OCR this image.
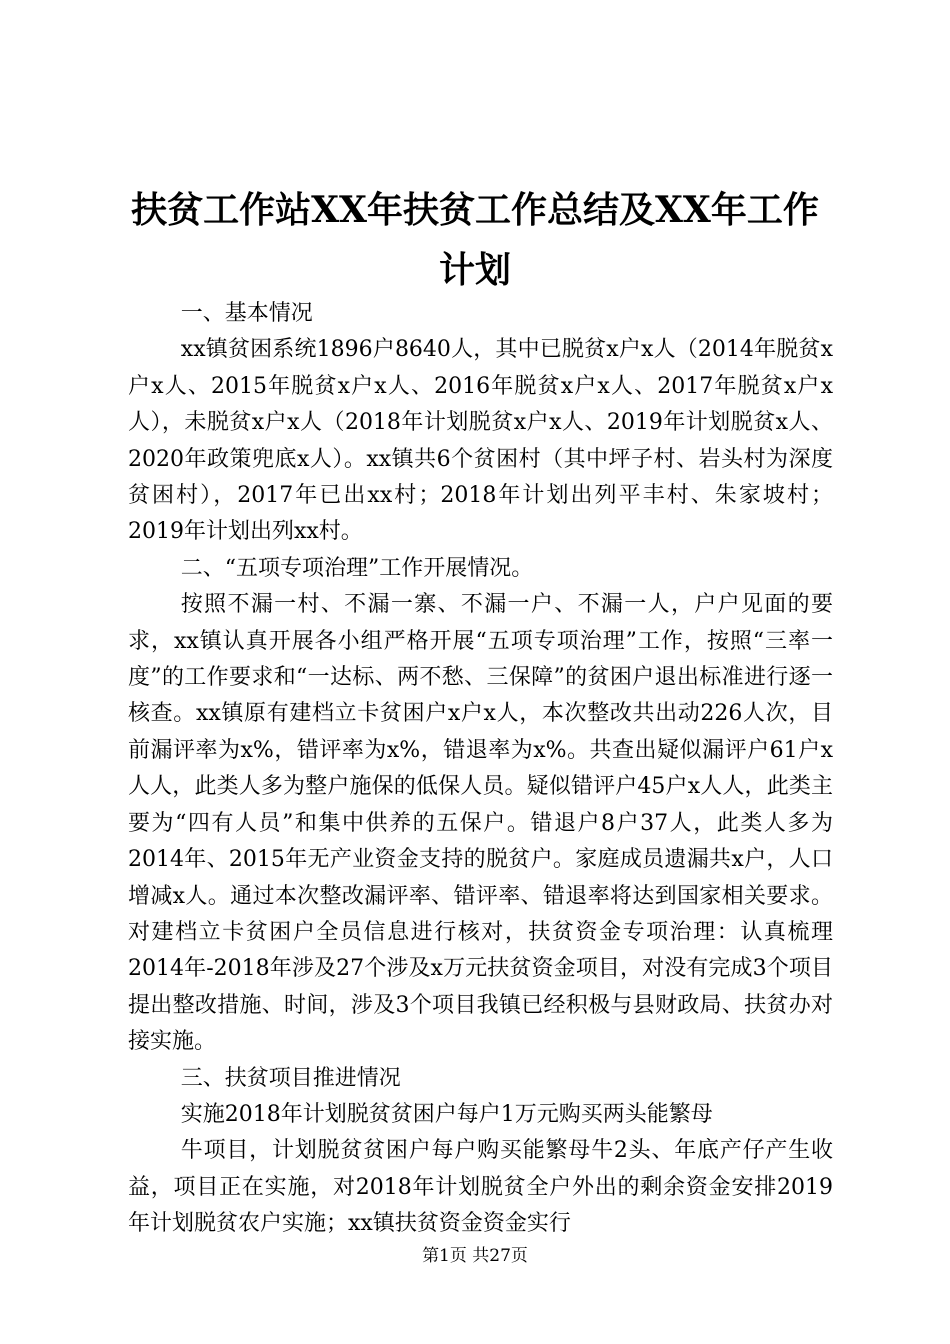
扶贫工作站XX年扶贫工作总结及XX年工作计划

一、基本情况

xx镇贫困系统1896户8640人，其中已脱贫x户x人（2014年脱贫x户x人、2015年脱贫x户x人、2016年脱贫x户x人、2017年脱贫x户x人），未脱贫x户x人（2018年计划脱贫x户x人、2019年计划脱贫x人、2020年政策兜底x人）。xx镇共6个贫困村（其中坪子村、岩头村为深度贫困村），2017年已出xx村；2018年计划出列平丰村、朱家坡村；2019年计划出列xx村。

二、“五项专项治理”工作开展情况。

按照不漏一村、不漏一寨、不漏一户、不漏一人，户户见面的要求，xx镇认真开展各小组严格开展“五项专项治理”工作，按照“三率一度”的工作要求和“一达标、两不愁、三保障”的贫困户退出标准进行逐一核查。xx镇原有建档立卡贫困户x户x人，本次整改共出动226人次，目前漏评率为x%，错评率为x%，错退率为x%。共查出疑似漏评户61户x人人，此类人多为整户施保的低保人员。疑似错评户45户x人人，此类主要为“四有人员”和集中供养的五保户。错退户8户37人，此类人多为2014年、2015年无产业资金支持的脱贫户。家庭成员遗漏共x户，人口增减x人。通过本次整改漏评率、错评率、错退率将达到国家相关要求。对建档立卡贫困户全员信息进行核对，扶贫资金专项治理：认真梳理2014年-2018年涉及27个涉及x万元扶贫资金项目，对没有完成3个项目提出整改措施、时间，涉及3个项目我镇已经积极与县财政局、扶贫办对接实施。

三、扶贫项目推进情况

实施2018年计划脱贫贫困户每户1万元购买两头能繁母

牛项目，计划脱贫贫困户每户购买能繁母牛2头、年底产仔产生收益，项目正在实施，对2018年计划脱贫全户外出的剩余资金安排2019年计划脱贫农户实施；xx镇扶贫资金资金实行

第1页 共27页
